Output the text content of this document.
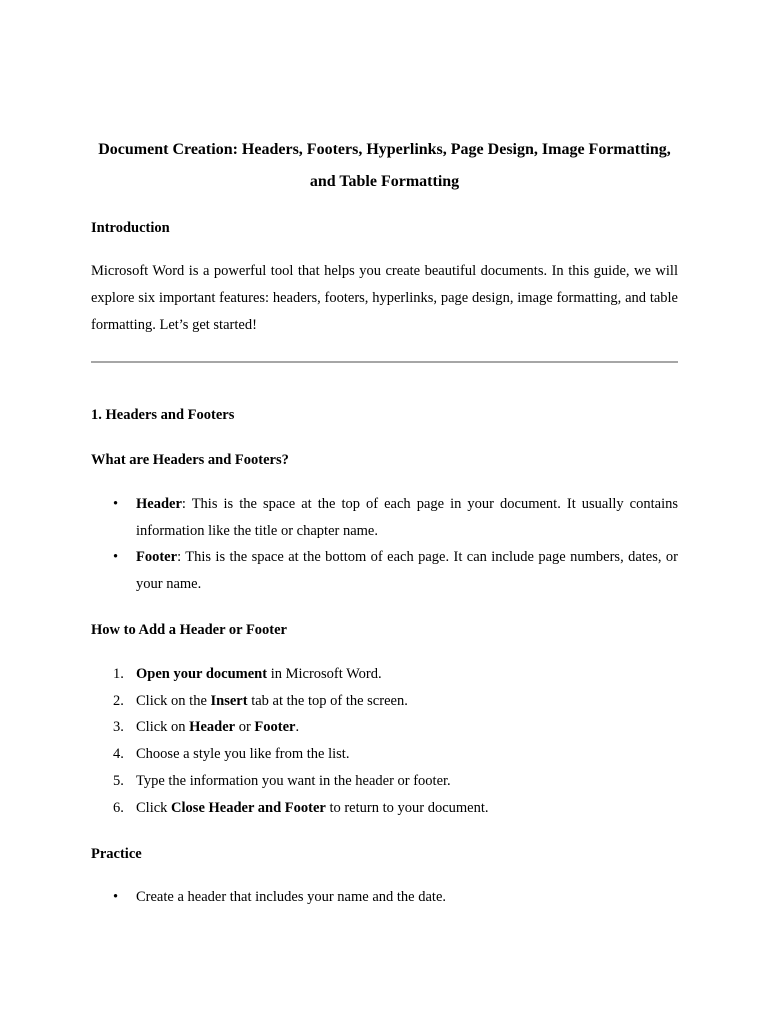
Document Creation: Headers, Footers, Hyperlinks, Page Design, Image Formatting, and Table Formatting

Introduction

Microsoft Word is a powerful tool that helps you create beautiful documents. In this guide, we will explore six important features: headers, footers, hyperlinks, page design, image formatting, and table formatting. Let’s get started!

1. Headers and Footers

What are Headers and Footers?

• Header: This is the space at the top of each page in your document. It usually contains information like the title or chapter name.
• Footer: This is the space at the bottom of each page. It can include page numbers, dates, or your name.

How to Add a Header or Footer

1. Open your document in Microsoft Word.
2. Click on the Insert tab at the top of the screen.
3. Click on Header or Footer.
4. Choose a style you like from the list.
5. Type the information you want in the header or footer.
6. Click Close Header and Footer to return to your document.

Practice

• Create a header that includes your name and the date.
